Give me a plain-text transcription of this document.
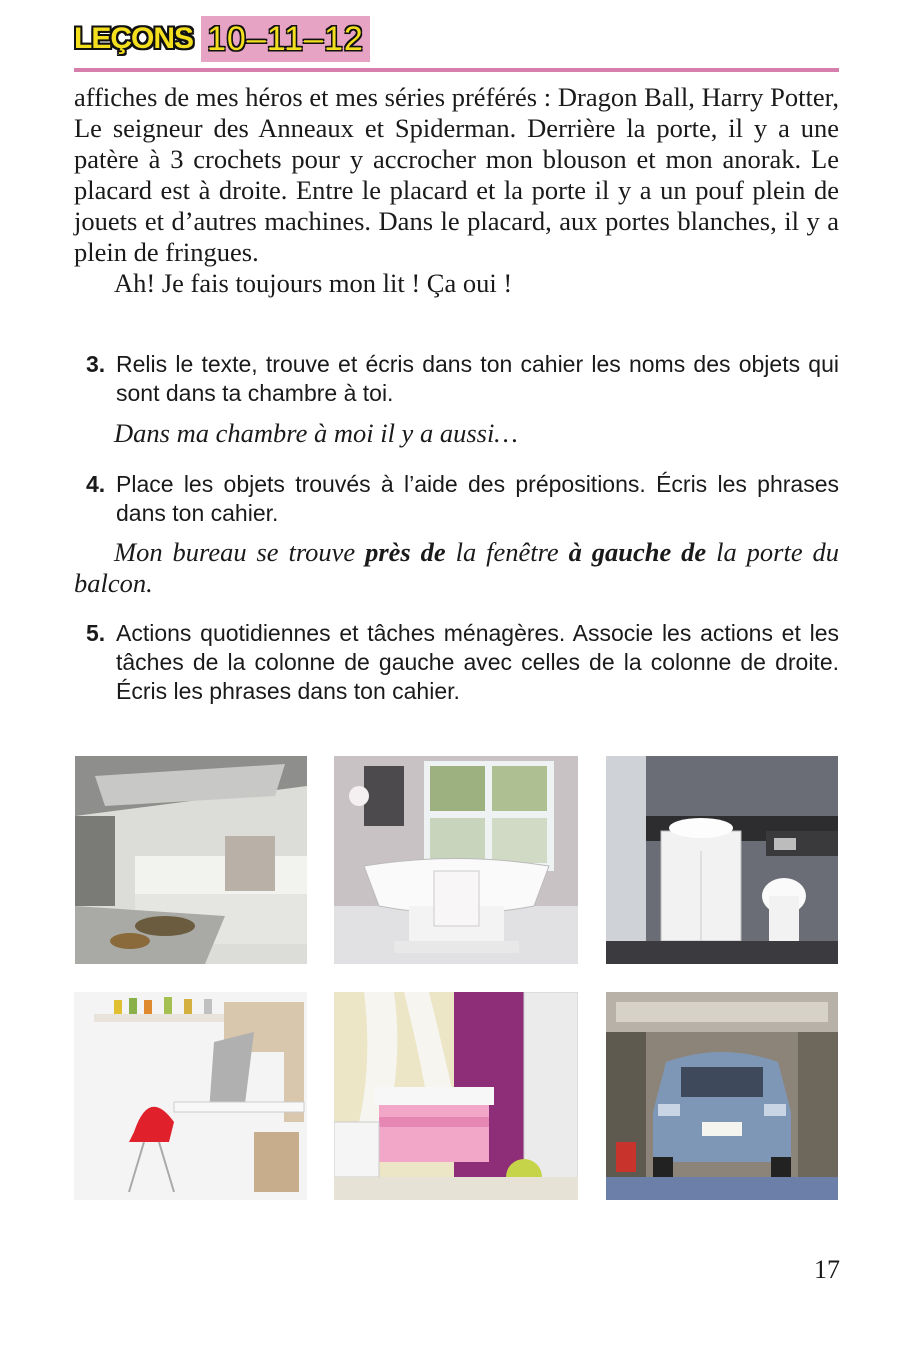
LEÇONS 10–11–12
affiches de mes héros et mes séries préférés : Dragon Ball, Harry Potter, Le seigneur des Anneaux et Spiderman. Derrière la porte, il y a une patère à 3 crochets pour y accrocher mon blouson et mon anorak. Le placard est à droite. Entre le placard et la porte il y a un pouf plein de jouets et d’autres machines. Dans le placard, aux portes blanches, il y a plein de fringues.
Ah! Je fais toujours mon lit ! Ça oui !
3. Relis le texte, trouve et écris dans ton cahier les noms des objets qui sont dans ta chambre à toi.
Dans ma chambre à moi il y a aussi…
4. Place les objets trouvés à l’aide des prépositions. Écris les phrases dans ton cahier.
Mon bureau se trouve près de la fenêtre à gauche de la porte du balcon.
5. Actions quotidiennes et tâches ménagères. Associe les actions et les tâches de la colonne de gauche avec celles de la colonne de droite. Écris les phrases dans ton cahier.
17
